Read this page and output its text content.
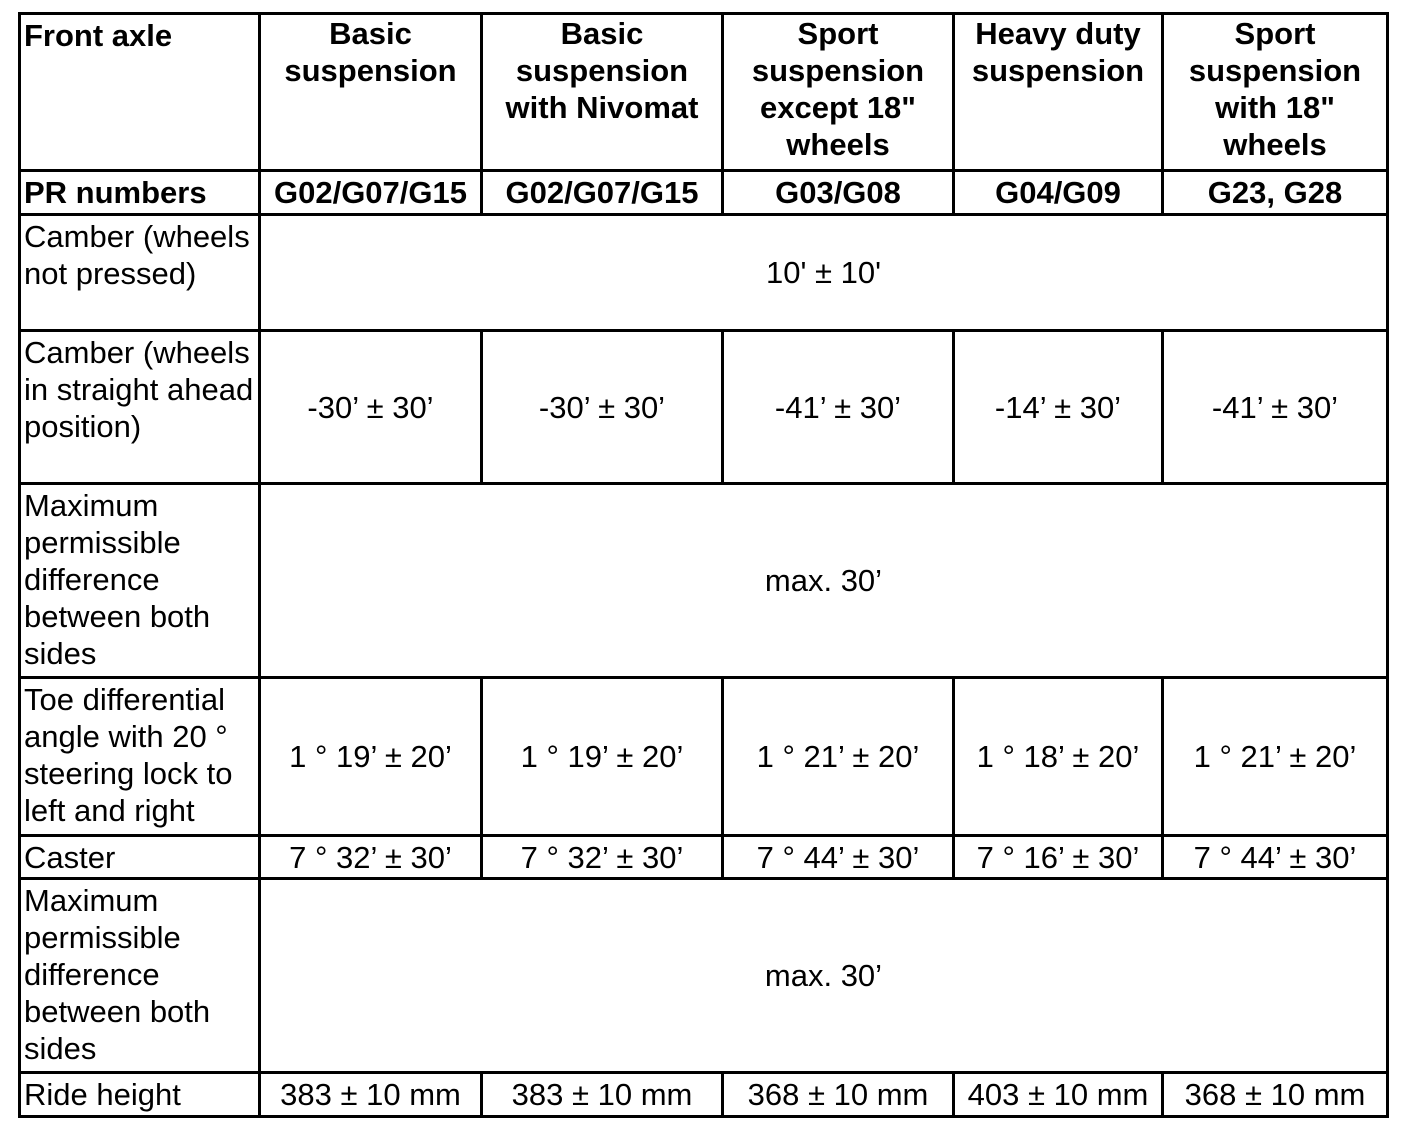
Front axle	Basic suspension	Basic suspension with Nivomat	Sport suspension except 18" wheels	Heavy duty suspension	Sport suspension with 18" wheels
PR numbers	G02/G07/G15	G02/G07/G15	G03/G08	G04/G09	G23, G28
Camber (wheels not pressed)	10' ± 10'				
Camber (wheels in straight ahead position)	-30’ ± 30’	-30’ ± 30’	-41’ ± 30’	-14’ ± 30’	-41’ ± 30’
Maximum permissible difference between both sides	max. 30’				
Toe differential angle with 20 ° steering lock to left and right	1 ° 19’ ± 20’	1 ° 19’ ± 20’	1 ° 21’ ± 20’	1 ° 18’ ± 20’	1 ° 21’ ± 20’
Caster	7 ° 32’ ± 30’	7 ° 32’ ± 30’	7 ° 44’ ± 30’	7 ° 16’ ± 30’	7 ° 44’ ± 30’
Maximum permissible difference between both sides	max. 30’				
Ride height	383 ± 10 mm	383 ± 10 mm	368 ± 10 mm	403 ± 10 mm	368 ± 10 mm
